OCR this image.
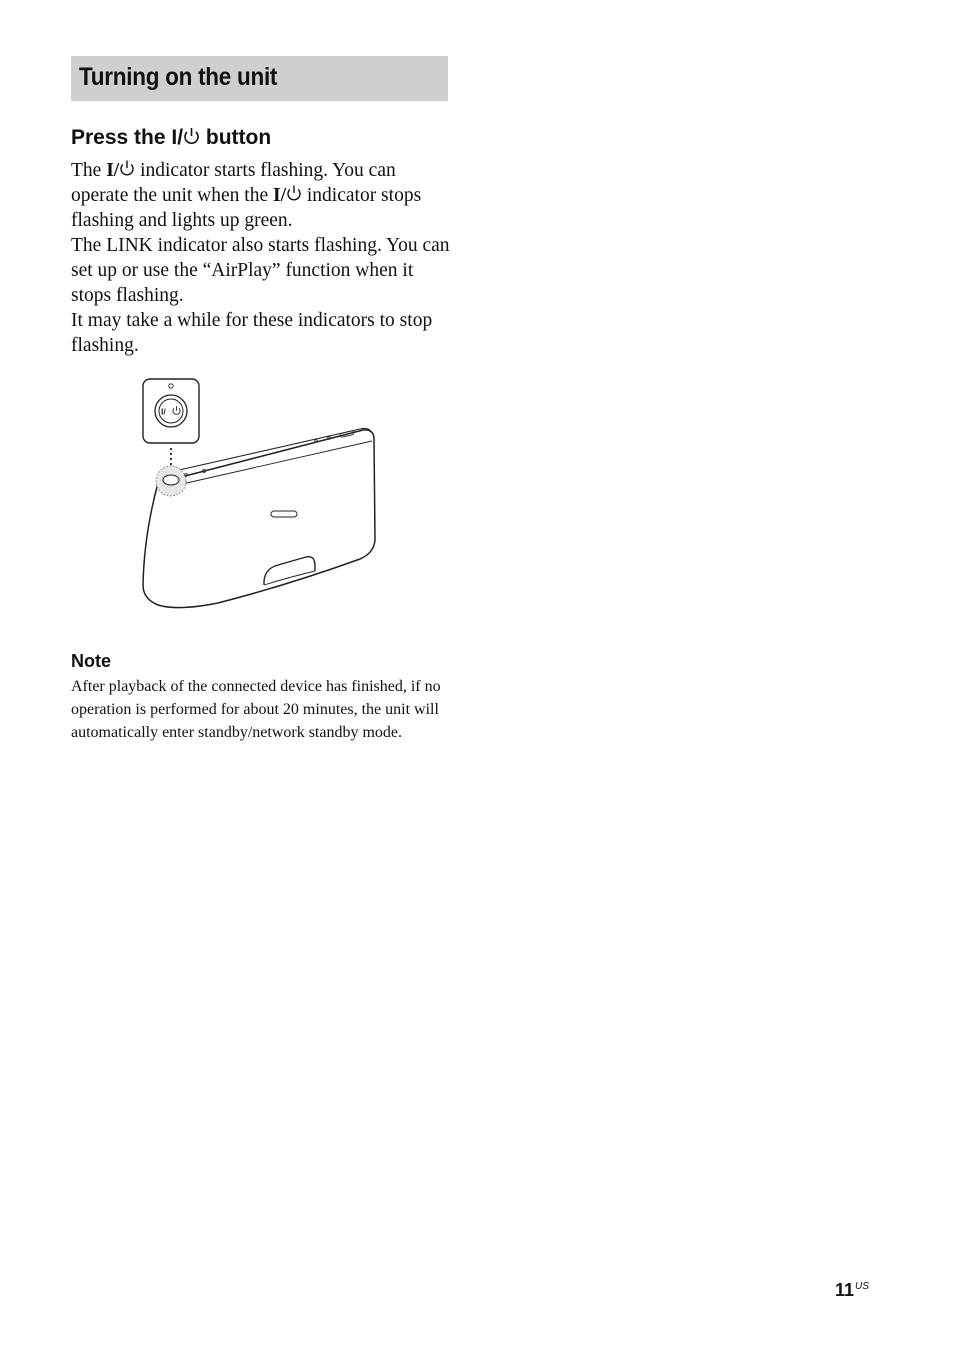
Turning on the unit
Press the I/ button

The I/ indicator starts flashing. You can operate the unit when the I/ indicator stops flashing and lights up green.

The LINK indicator also starts flashing. You can set up or use the “AirPlay” function when it stops flashing.

It may take a while for these indicators to stop flashing.

I/
Note

After playback of the connected device has finished, if no operation is performed for about 20 minutes, the unit will automatically enter standby/network standby mode.

$11^{US}$
